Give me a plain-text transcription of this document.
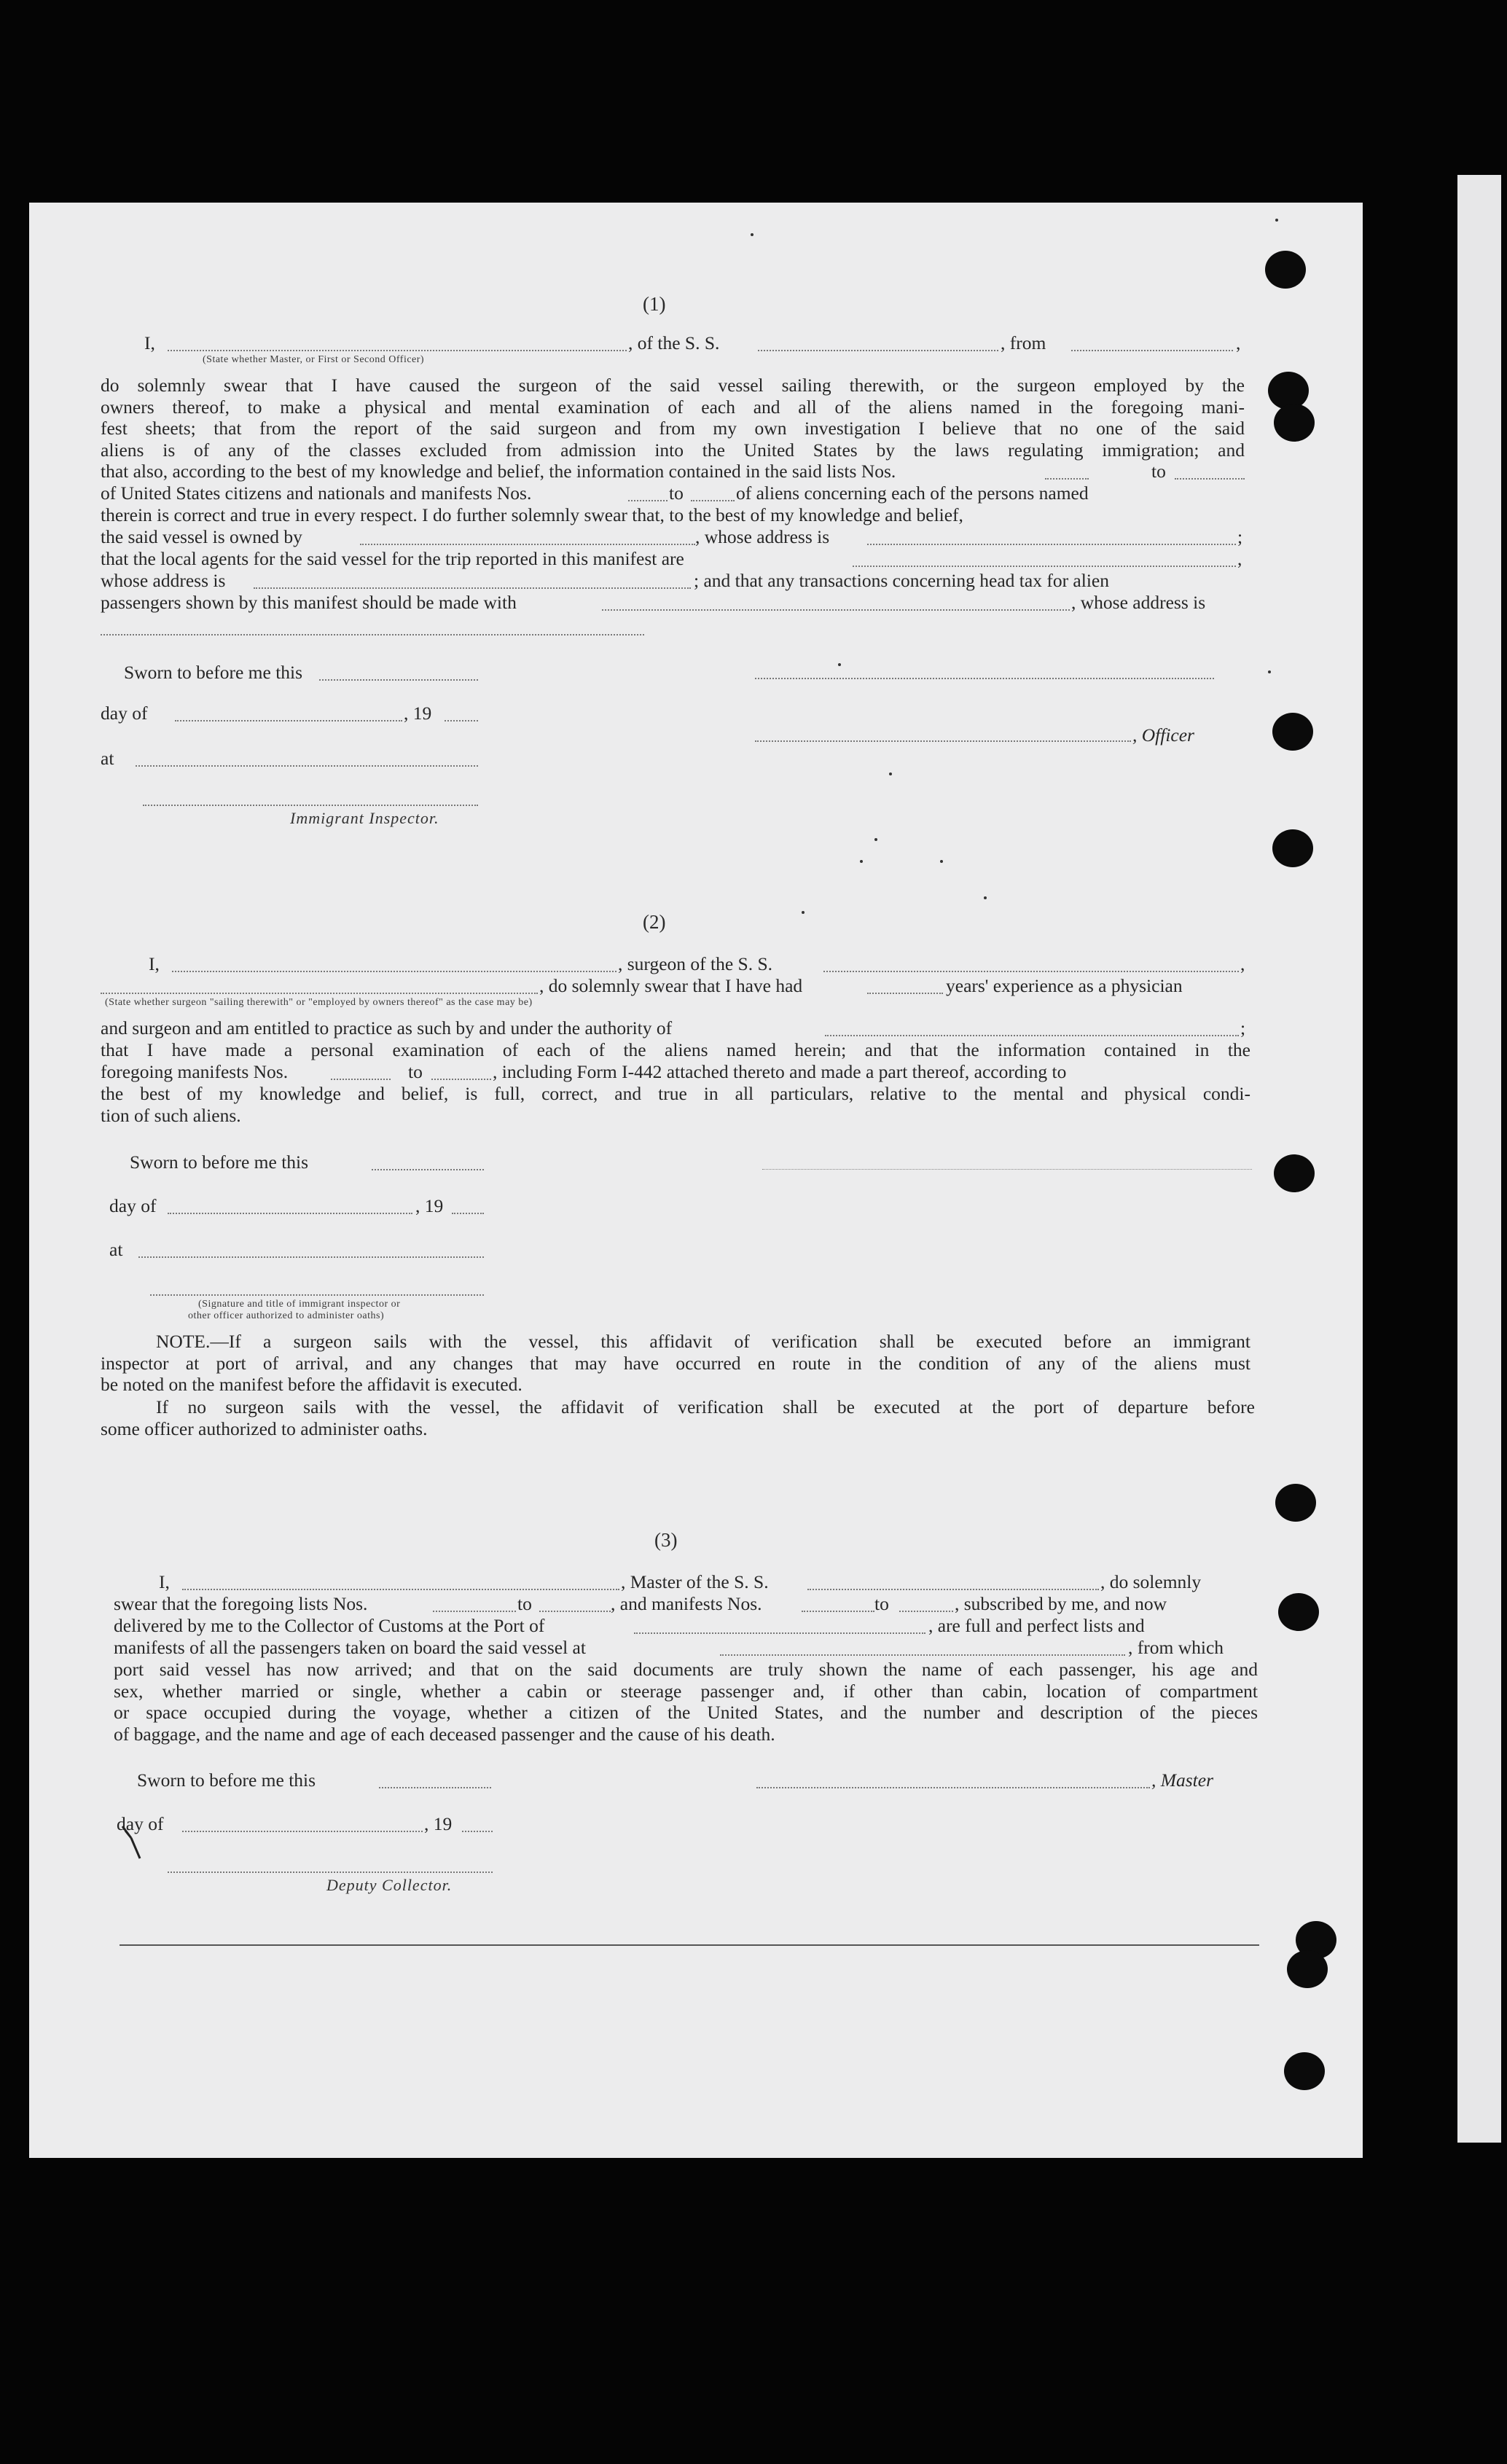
(1)
I,	, of the S. S.	, from	,
(State whether Master, or First or Second Officer)
do solemnly swear that I have caused the surgeon of the said vessel sailing therewith, or the surgeon employed by the
owners thereof, to make a physical and mental examination of each and all of the aliens named in the foregoing mani-
fest sheets; that from the report of the said surgeon and from my own investigation I believe that no one of the said
aliens is of any of the classes excluded from admission into the United States by the laws regulating immigration; and
that also, according to the best of my knowledge and belief, the information contained in the said lists Nos.	to
of United States citizens and nationals and manifests Nos.	to	of aliens concerning each of the persons named
therein is correct and true in every respect. I do further solemnly swear that, to the best of my knowledge and belief,
the said vessel is owned by	, whose address is	;
that the local agents for the said vessel for the trip reported in this manifest are	,
whose address is	; and that any transactions concerning head tax for alien
passengers shown by this manifest should be made with	, whose address is
Sworn to before me this
day of	, 19
, Officer
at
Immigrant Inspector.
(2)
I,	, surgeon of the S. S.	,
, do solemnly swear that I have had	years' experience as a physician
(State whether surgeon "sailing therewith" or "employed by owners thereof" as the case may be)
and surgeon and am entitled to practice as such by and under the authority of	;
that I have made a personal examination of each of the aliens named herein; and that the information contained in the
foregoing manifests Nos.	to	, including Form I-442 attached thereto and made a part thereof, according to
the best of my knowledge and belief, is full, correct, and true in all particulars, relative to the mental and physical condi-
tion of such aliens.
Sworn to before me this
day of	, 19
at
(Signature and title of immigrant inspector or
other officer authorized to administer oaths)
NOTE.—If a surgeon sails with the vessel, this affidavit of verification shall be executed before an immigrant
inspector at port of arrival, and any changes that may have occurred en route in the condition of any of the aliens must
be noted on the manifest before the affidavit is executed.
If no surgeon sails with the vessel, the affidavit of verification shall be executed at the port of departure before
some officer authorized to administer oaths.
(3)
I,	, Master of the S. S.	, do solemnly
swear that the foregoing lists Nos.	to	, and manifests Nos.	to	, subscribed by me, and now
delivered by me to the Collector of Customs at the Port of	, are full and perfect lists and
manifests of all the passengers taken on board the said vessel at	, from which
port said vessel has now arrived; and that on the said documents are truly shown the name of each passenger, his age and
sex, whether married or single, whether a cabin or steerage passenger and, if other than cabin, location of compartment
or space occupied during the voyage, whether a citizen of the United States, and the number and description of the pieces
of baggage, and the name and age of each deceased passenger and the cause of his death.
Sworn to before me this	, Master
day of	, 19
Deputy Collector.
